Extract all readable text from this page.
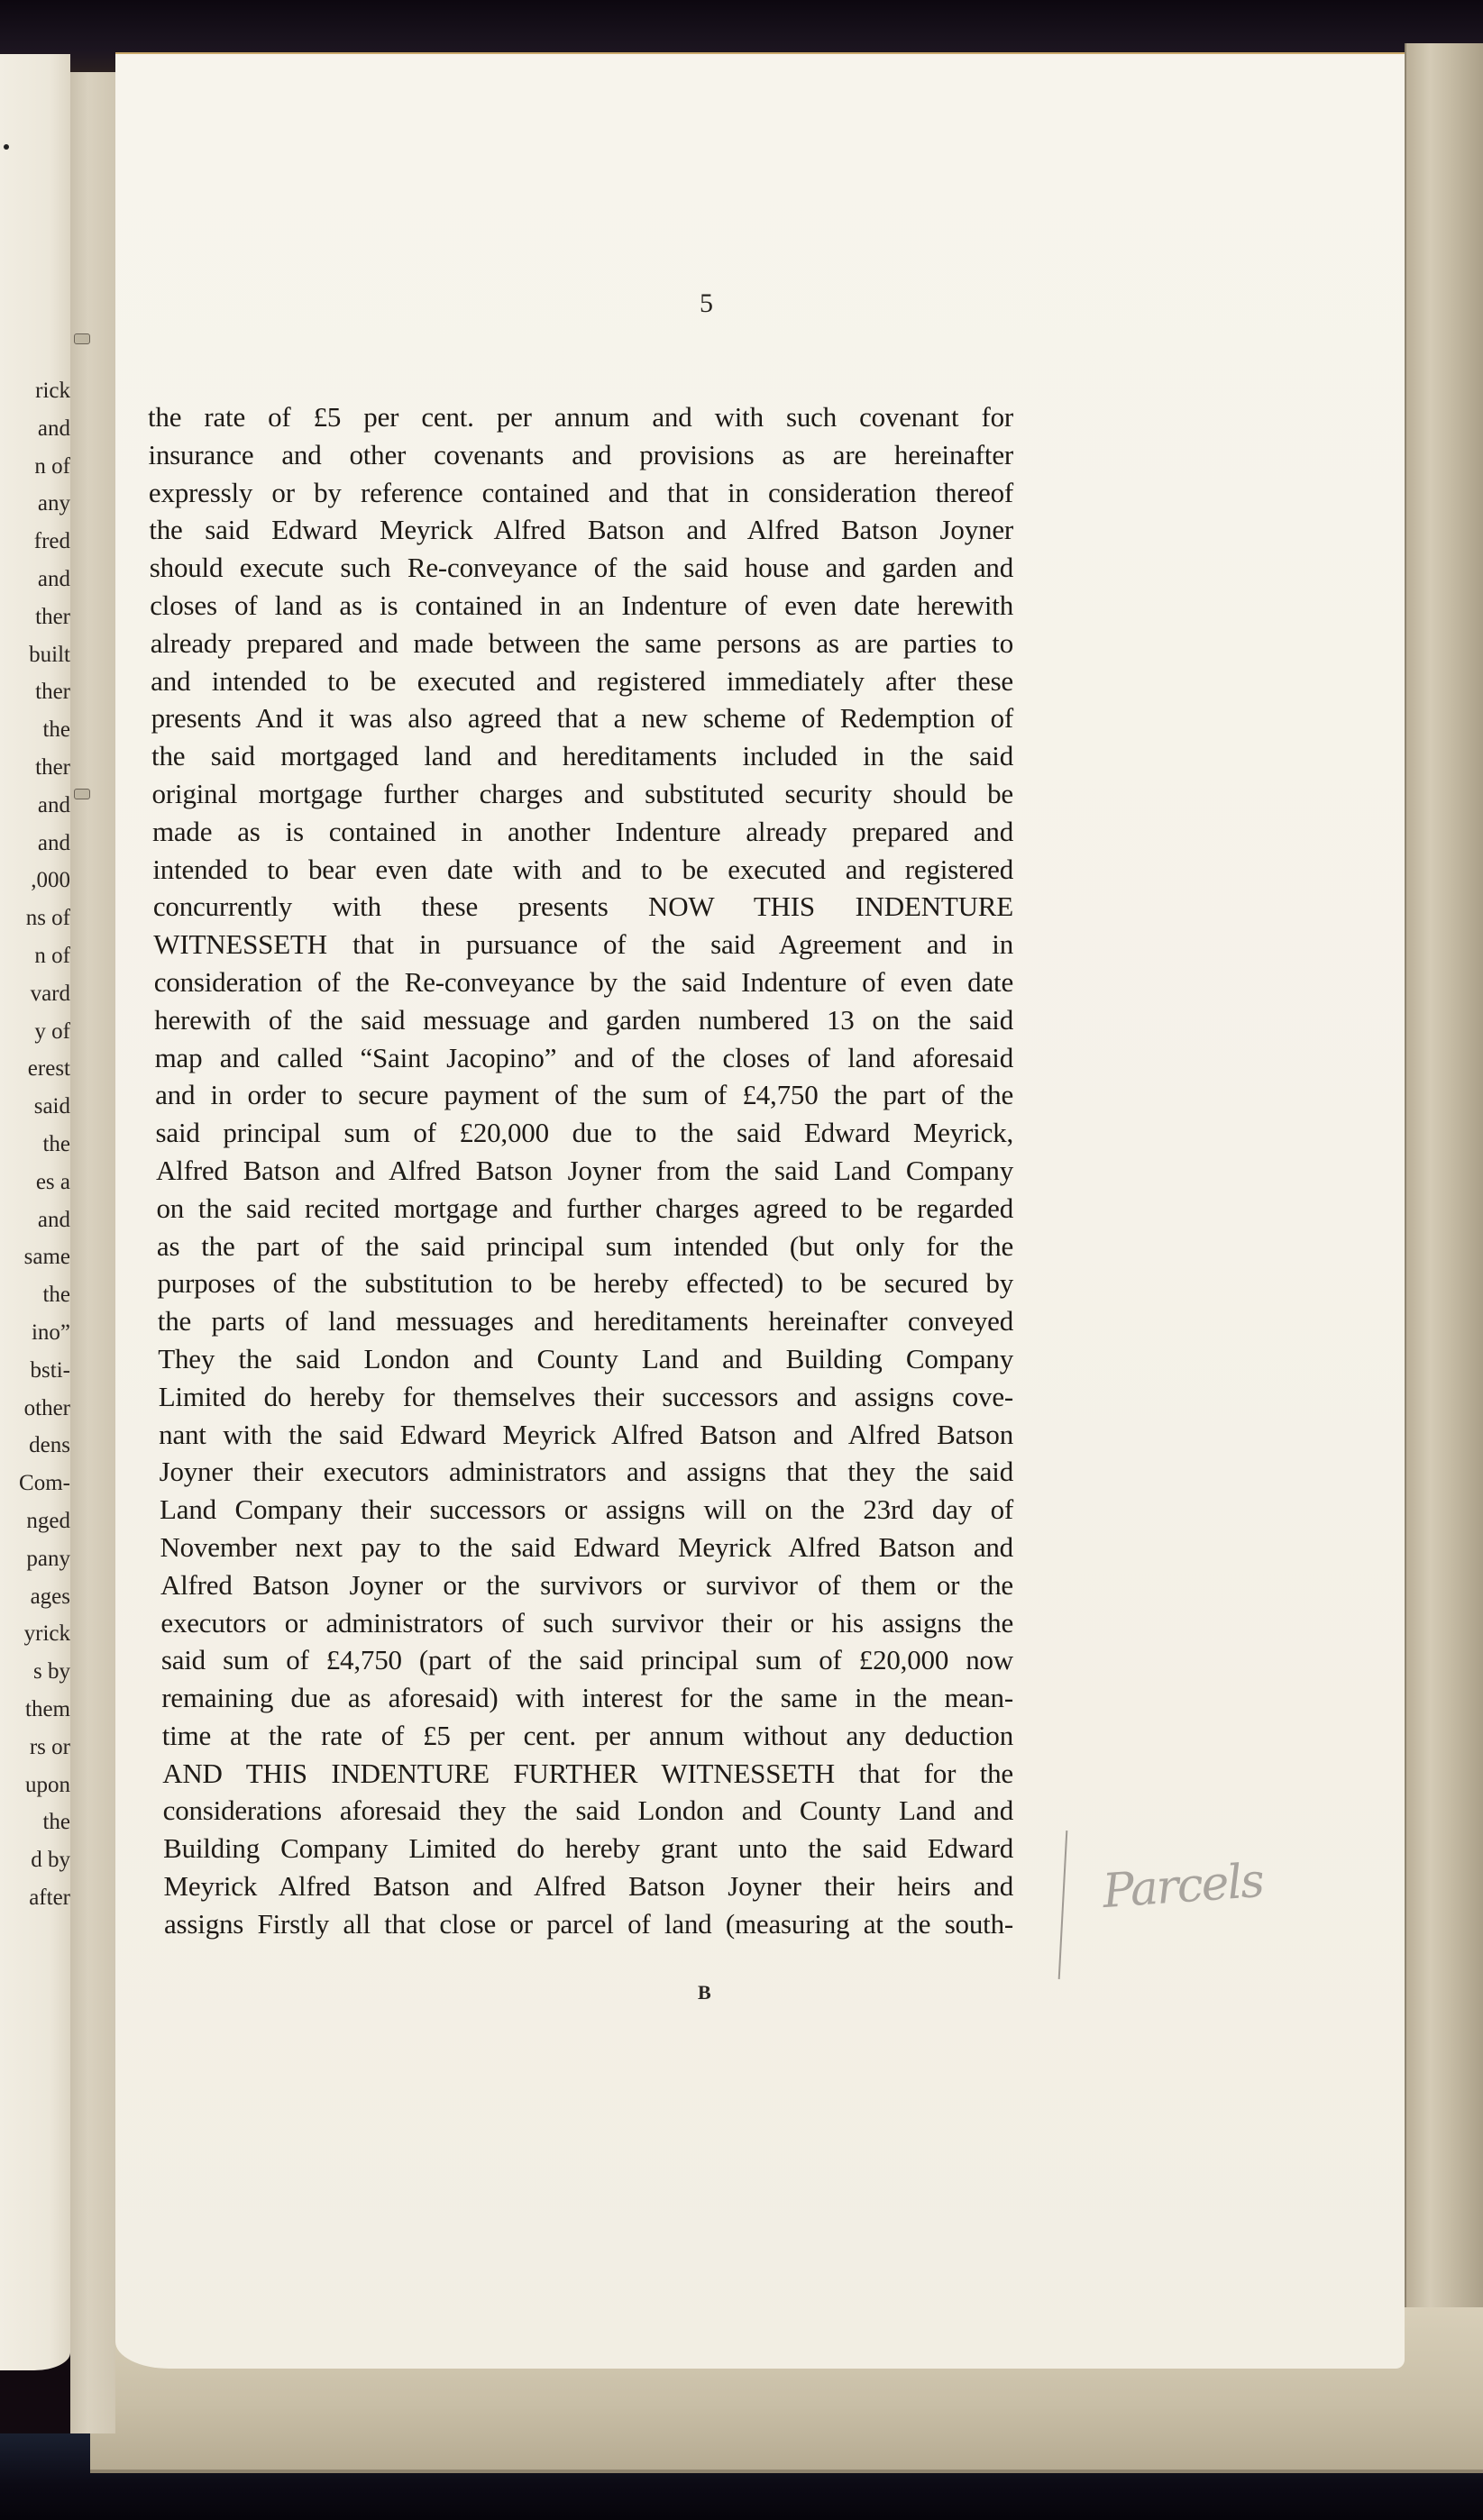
rick
and
n of
any
fred
and
ther
built
ther
the
ther
and
and
,000
ns of
n of
vard
y of
erest
said
the
es a
and
same
the
ino”
bsti-
other
dens
Com-
nged
pany
ages
yrick
s by
them
rs or
upon
the
d by
after
5
the rate of £5 per cent. per annum and with such covenant for
insurance and other covenants and provisions as are hereinafter
expressly or by reference contained and that in consideration thereof
the said Edward Meyrick Alfred Batson and Alfred Batson Joyner
should execute such Re-conveyance of the said house and garden and
closes of land as is contained in an Indenture of even date herewith
already prepared and made between the same persons as are parties to
and intended to be executed and registered immediately after these
presents And it was also agreed that a new scheme of Redemption of
the said mortgaged land and hereditaments included in the said
original mortgage further charges and substituted security should be
made as is contained in another Indenture already prepared and
intended to bear even date with and to be executed and registered
concurrently with these presents NOW THIS INDENTURE
WITNESSETH that in pursuance of the said Agreement and in
consideration of the Re-conveyance by the said Indenture of even date
herewith of the said messuage and garden numbered 13 on the said
map and called “Saint Jacopino” and of the closes of land aforesaid
and in order to secure payment of the sum of £4,750 the part of the
said principal sum of £20,000 due to the said Edward Meyrick,
Alfred Batson and Alfred Batson Joyner from the said Land Company
on the said recited mortgage and further charges agreed to be regarded
as the part of the said principal sum intended (but only for the
purposes of the substitution to be hereby effected) to be secured by
the parts of land messuages and hereditaments hereinafter conveyed
They the said London and County Land and Building Company
Limited do hereby for themselves their successors and assigns cove-
nant with the said Edward Meyrick Alfred Batson and Alfred Batson
Joyner their executors administrators and assigns that they the said
Land Company their successors or assigns will on the 23rd day of
November next pay to the said Edward Meyrick Alfred Batson and
Alfred Batson Joyner or the survivors or survivor of them or the
executors or administrators of such survivor their or his assigns the
said sum of £4,750 (part of the said principal sum of £20,000 now
remaining due as aforesaid) with interest for the same in the mean-
time at the rate of £5 per cent. per annum without any deduction
AND THIS INDENTURE FURTHER WITNESSETH that for the
considerations aforesaid they the said London and County Land and
Building Company Limited do hereby grant unto the said Edward
Meyrick Alfred Batson and Alfred Batson Joyner their heirs and
assigns Firstly all that close or parcel of land (measuring at the south-
B
Parcels
